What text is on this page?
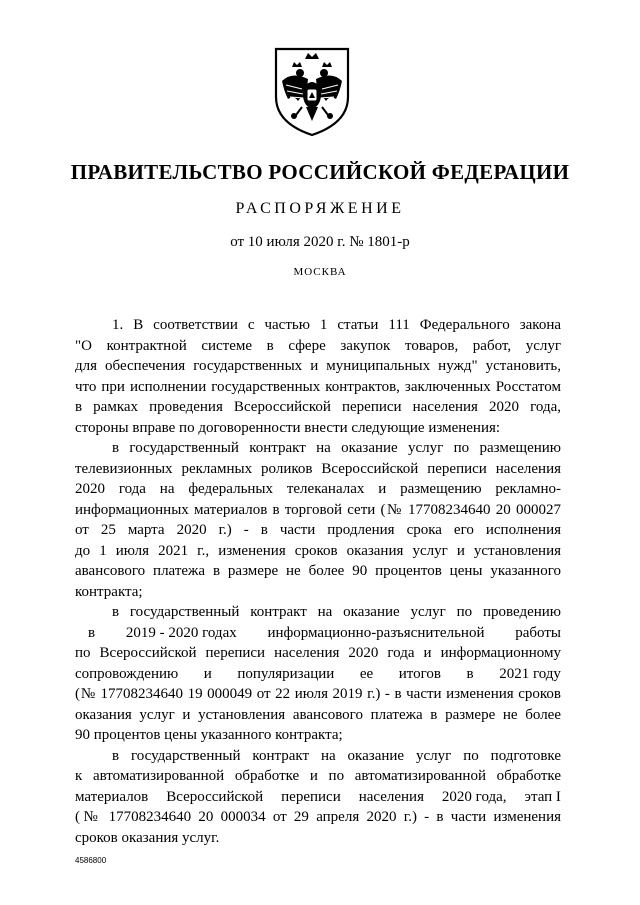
ПРАВИТЕЛЬСТВО РОССИЙСКОЙ ФЕДЕРАЦИИ
РАСПОРЯЖЕНИЕ
от 10 июля 2020 г. № 1801-р
МОСКВА
1. В соответствии с частью 1 статьи 111 Федерального закона
"О контрактной системе в сфере закупок товаров, работ, услуг
для обеспечения государственных и муниципальных нужд" установить,
что при исполнении государственных контрактов, заключенных Росстатом
в рамках проведения Всероссийской переписи населения 2020 года,
стороны вправе по договоренности внести следующие изменения:
в государственный контракт на оказание услуг по размещению
телевизионных рекламных роликов Всероссийской переписи населения
2020 года на федеральных телеканалах и размещению рекламно-
информационных материалов в торговой сети (№ 17708234640 20 000027
от 25 марта 2020 г.) - в части продления срока его исполнения
до 1 июля 2021 г., изменения сроков оказания услуг и установления
авансового платежа в размере не более 90 процентов цены указанного
контракта;
в государственный контракт на оказание услуг по проведению
в 2019 - 2020 годах информационно-разъяснительной работы
по Всероссийской переписи населения 2020 года и информационному
сопровождению и популяризации ее итогов в 2021 году
(№ 17708234640 19 000049 от 22 июля 2019 г.) - в части изменения сроков
оказания услуг и установления авансового платежа в размере не более
90 процентов цены указанного контракта;
в государственный контракт на оказание услуг по подготовке
к автоматизированной обработке и по автоматизированной обработке
материалов Всероссийской переписи населения 2020 года, этап I
(№ 17708234640 20 000034 от 29 апреля 2020 г.) - в части изменения
сроков оказания услуг.
4586800
